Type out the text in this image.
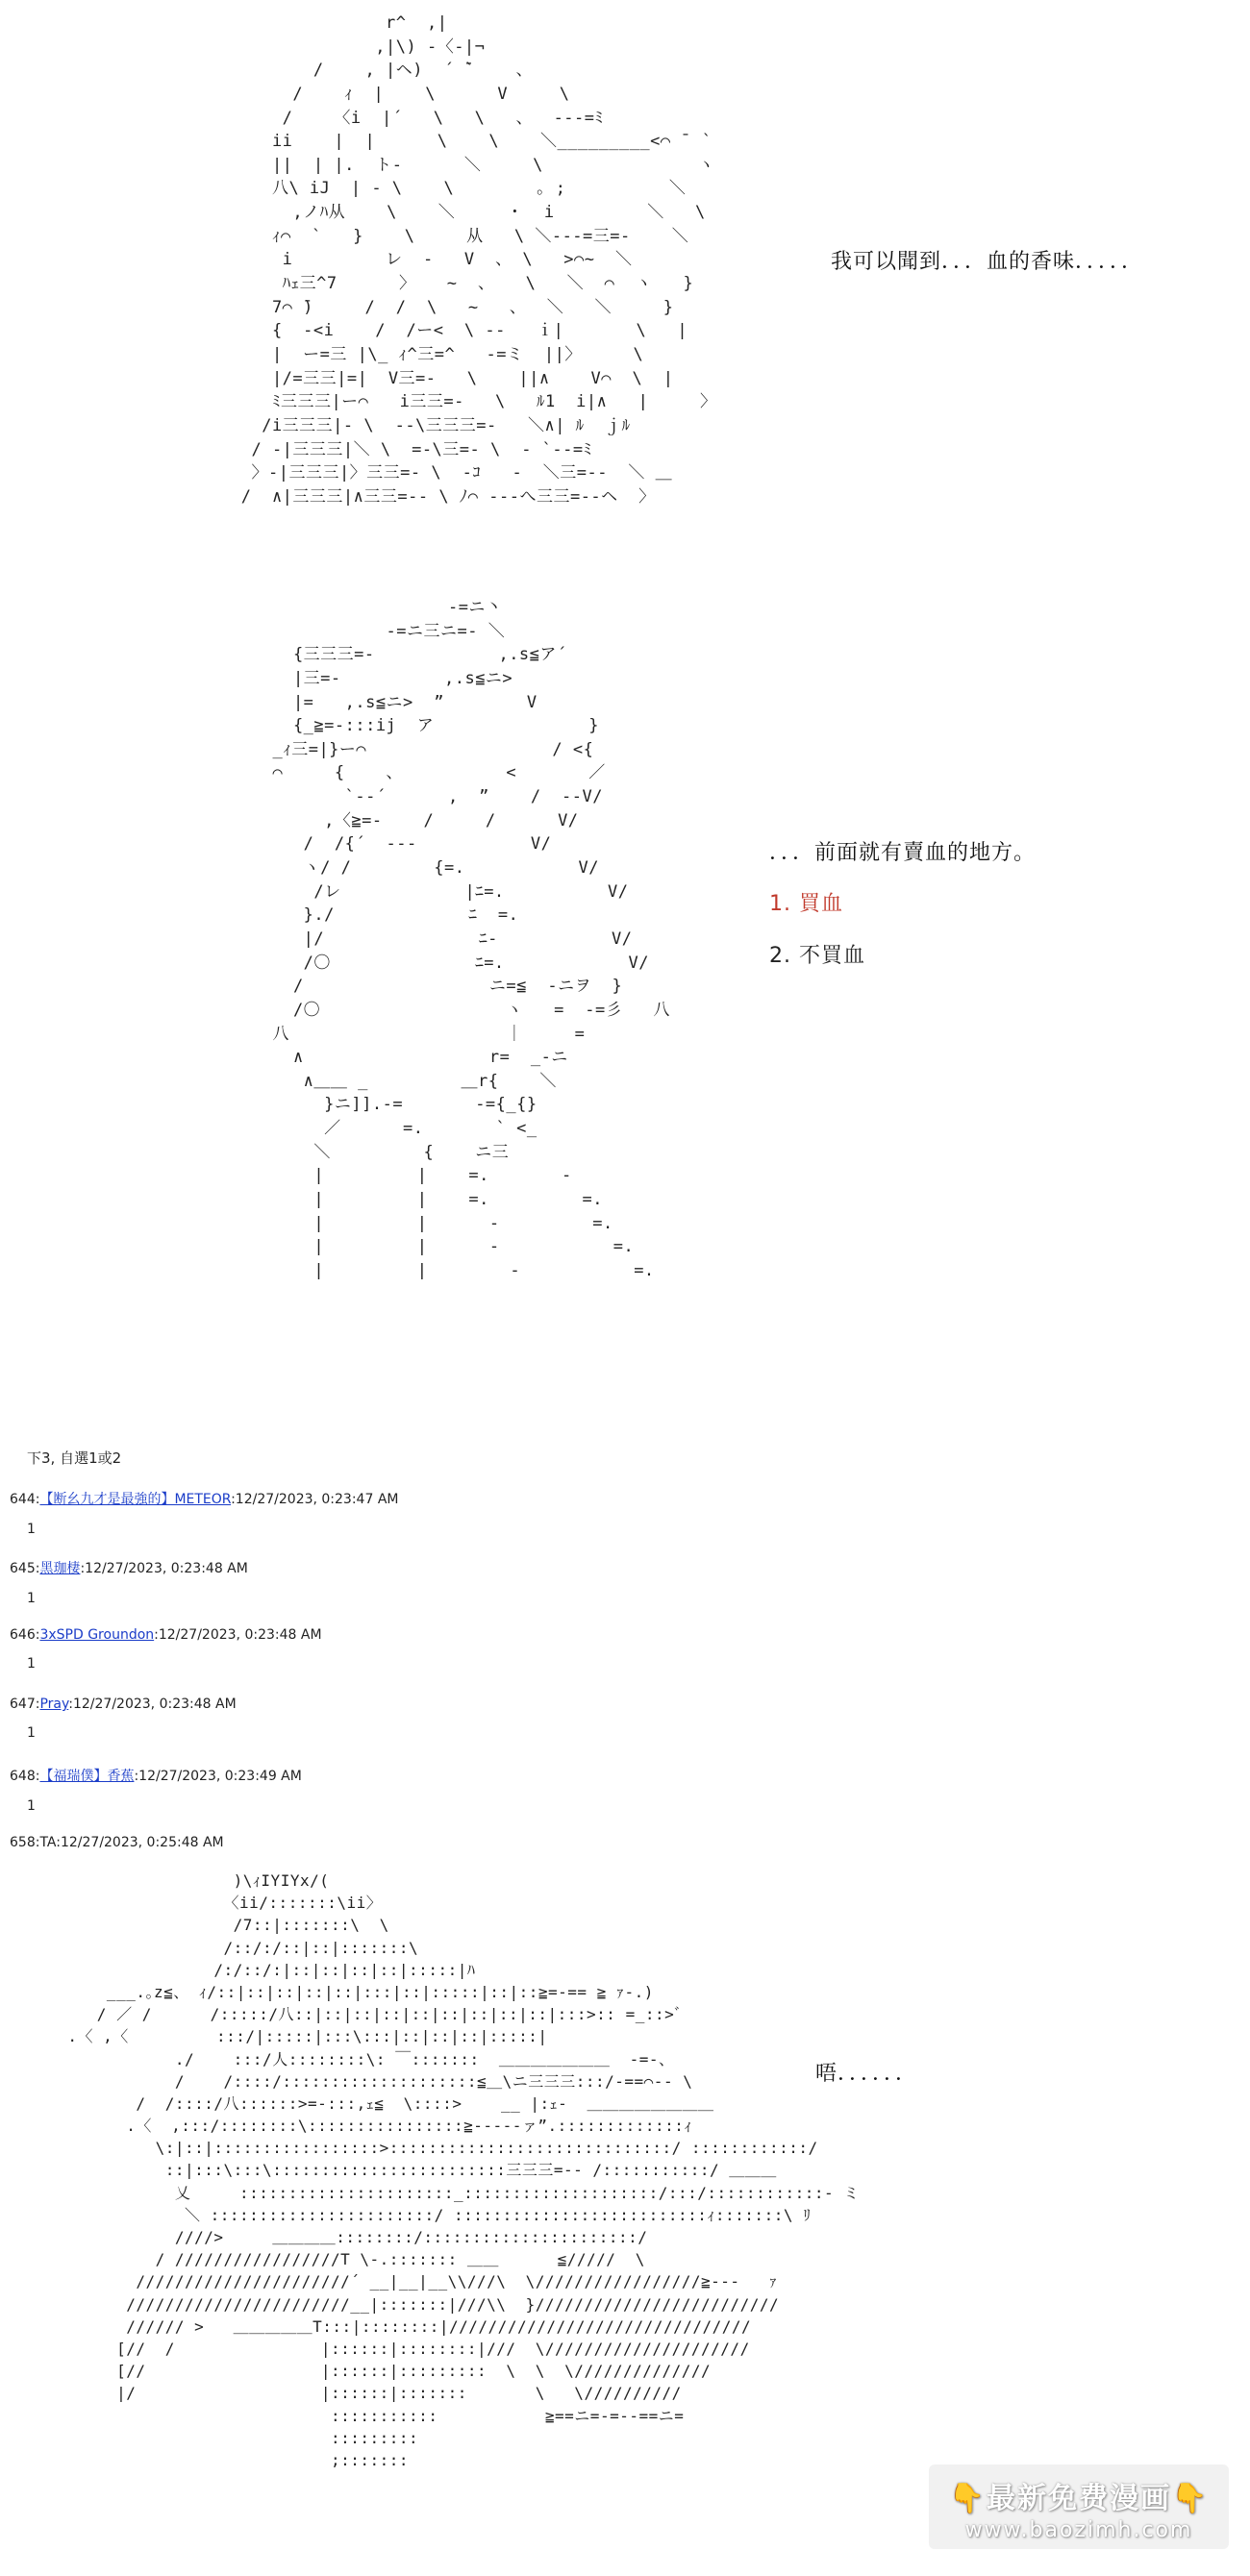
r^  ,|
,|\) -〈-|¬
/    , |ヘ)  ´ ̄`    、
/    ｨ  |    \      V     \
/    〈i  |´   \   \   、  ‐‐‐=ﾐ
ii    |  |      \    \    ＼_________<⌒ ̄  `
||  | |.  ト‐      ＼     \               ヽ
八\ iJ  | ‐ \    \        ｡ ;          ＼
,ノﾊ从    \    ＼     ・  i         ＼   \
ｨ⌒  `   }    \     从   \ ＼‐‐‐=三=‐    ＼
i         レ  -   V  、 \   >⌒~  ＼
ﾊｪ三^7      〉   ~  、   \   ＼  ⌒  ヽ   }
7⌒ ̄)     /  /  \   ~   、  ＼   ＼     }
{  -<i    /  /ー<  \ ‐‐   ｉ|       \   |
|  ー=三 |\_ ｨ^三=^   ‐=ミ  ||〉     \
|/=三三|=|  V三=‐   \    ||∧    V⌒  \  |
ﾐ三三三|ー⌒   i三三=‐   \   ﾙ1  i|∧   |     〉
/i三三三|‐ \  ‐‐\三三三=‐   ＼∧| ﾙ  ｊﾙ
/ ‐|三三三|＼ \  =‐\三=‐ \  ‐ `‐‐=ﾐ
〉‐|三三三|〉三三=‐ \  ‐ｺ   ‐  ＼三=‐‐  ＼ ＿
/  ∧|三三三|∧三三=‐‐ \ ﾉ⌒ ‐‐‐へ三三=‐‐ヘ  〉

我可以聞到．．．血的香味．．．．．

‐=ニ丶
‐=ニ三ニ=‐ ＼
{三三三=‐            ,.s≦ア´
|三=‐          ,.s≦ニ>
|=   ,.s≦ニ>  ”        V
{_≧=‐:::ij  ア               }
_ｨ三=|}ー⌒                  / <{
⌒     {    、          <       ／
`‐‐´      ,  ”    /  ‐‐V/
,〈≧=‐    /     /      V/
/  /{´  ‐‐‐           V/
ヽ/ /        {=.           V/
/レ            |ﾆ=.          V/
}./             ﾆ  =.
|/               ﾆ‐           V/
/〇              ﾆ=.            V/
/                  ニ=≦  ‐ニヲ  }
/〇                  ヽ   =  ‐=彡   八
八                     ｜     =
∧                  r=  _‐ニ
∧＿＿ _         ＿r{    ＼
}ニ]].‐=       ‐={_{}
／      =.       ` <_
＼         {    ニ三
|         |    =.       ‐
|         |    =.         =.
|         |      ‐         =.
|         |      ‐           =.
|         |        ‐           =.

．．．前面就有賣血的地方。

1. 買血
2. 不買血

下3, 自選1或2

644:【断幺九才是最強的】METEOR:12/27/2023, 0:23:47 AM
1
645:黑珈棲:12/27/2023, 0:23:48 AM
1
646:3xSPD Groundon:12/27/2023, 0:23:48 AM
1
647:Pray:12/27/2023, 0:23:48 AM
1
648:【福瑞僕】香蕉:12/27/2023, 0:23:49 AM
1
658:TA:12/27/2023, 0:25:48 AM
)\ｨIYIYx/(
〈ii/:::::::\ii〉
/7::|:::::::\  \
/::/:/::|::|:::::::\
/:/::/:|::|::|::|::|:::::|ﾊ
___.｡z≦、 ｨ/::|::|::|::|::|:::|::|:::::|::|::≧=‐== ≧ ｧ‐.)
/ ／ /      /:::::/八::|::|::|::|::|::|::|::|::|:::>:: =_::>ﾞ
.〈 ,〈         :::/|:::::|:::\:::|::|::|::|:::::|
./    :::/人::::::::\: ￣:::::::  ＿＿＿＿＿＿＿  ‐=‐、
/    /::::/::::::::::::::::::::≦＿\ニ三三三:::/‐==⌒‐‐ \
/  /::::/八::::::>=‐:::,ｪ≦  \::::>    __ |:ｪ‐  ＿＿＿＿＿＿＿＿
.〈  ,:::/::::::::\::::::::::::::::≧‐‐‐‐‐ァ”.:::::::::::::ｨ
\:|::|:::::::::::::::::>:::::::::::::::::::::::::::::/ ::::::::::::/
::|:::\:::\::::::::::::::::::::::::三三三=‐‐ /:::::::::::/ ＿＿＿
乂     ::::::::::::::::::::::_::::::::::::::::::::/:::/::::::::::::‐ ミ
＼ :::::::::::::::::::::::/ ::::::::::::::::::::::::::ｨ:::::::\ ﾘ
////>     ＿＿＿＿::::::::/::::::::::::::::::::::/
/ /////////////////T \‐.::::::: ＿＿      ≦/////  \
//////////////////////´ __|__|__\\///\  \/////////////////≧‐‐‐   ｧ
///////////////////////__|:::::::|///\\  }/////////////////////////
////// >   ＿＿＿＿＿T:::|::::::::|///////////////////////////////
[//  /               |::::::|::::::::|///  \/////////////////////
[//                  |::::::|:::::::::  \  \  \//////////////
|/                   |::::::|:::::::       \   \//////////
:::::::::::           ≧==ニ=‐=‐‐==ニ=
:::::::::
;:::::::

唔．．．．．．

👇最新免费漫画👇
www.baozimh.com
